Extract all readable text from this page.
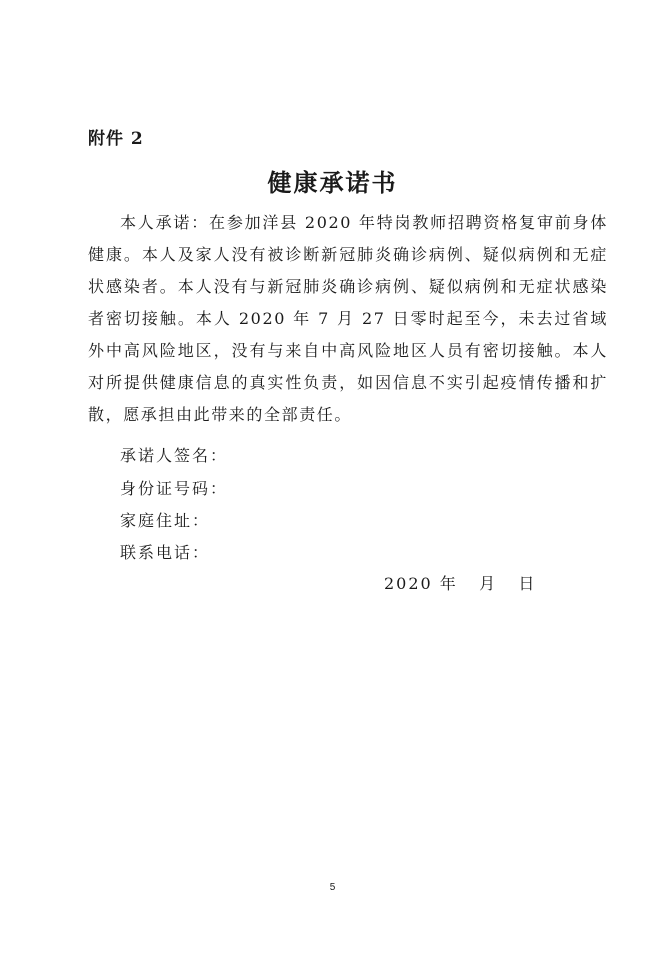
附件 2
健康承诺书

本人承诺：在参加洋县 2020 年特岗教师招聘资格复审前身体健康。本人及家人没有被诊断新冠肺炎确诊病例、疑似病例和无症状感染者。本人没有与新冠肺炎确诊病例、疑似病例和无症状感染者密切接触。本人 2020 年 7 月 27 日零时起至今，未去过省域外中高风险地区，没有与来自中高风险地区人员有密切接触。本人对所提供健康信息的真实性负责，如因信息不实引起疫情传播和扩散，愿承担由此带来的全部责任。

承诺人签名：
身份证号码：
家庭住址：
联系电话：
2020 年   月   日
5
